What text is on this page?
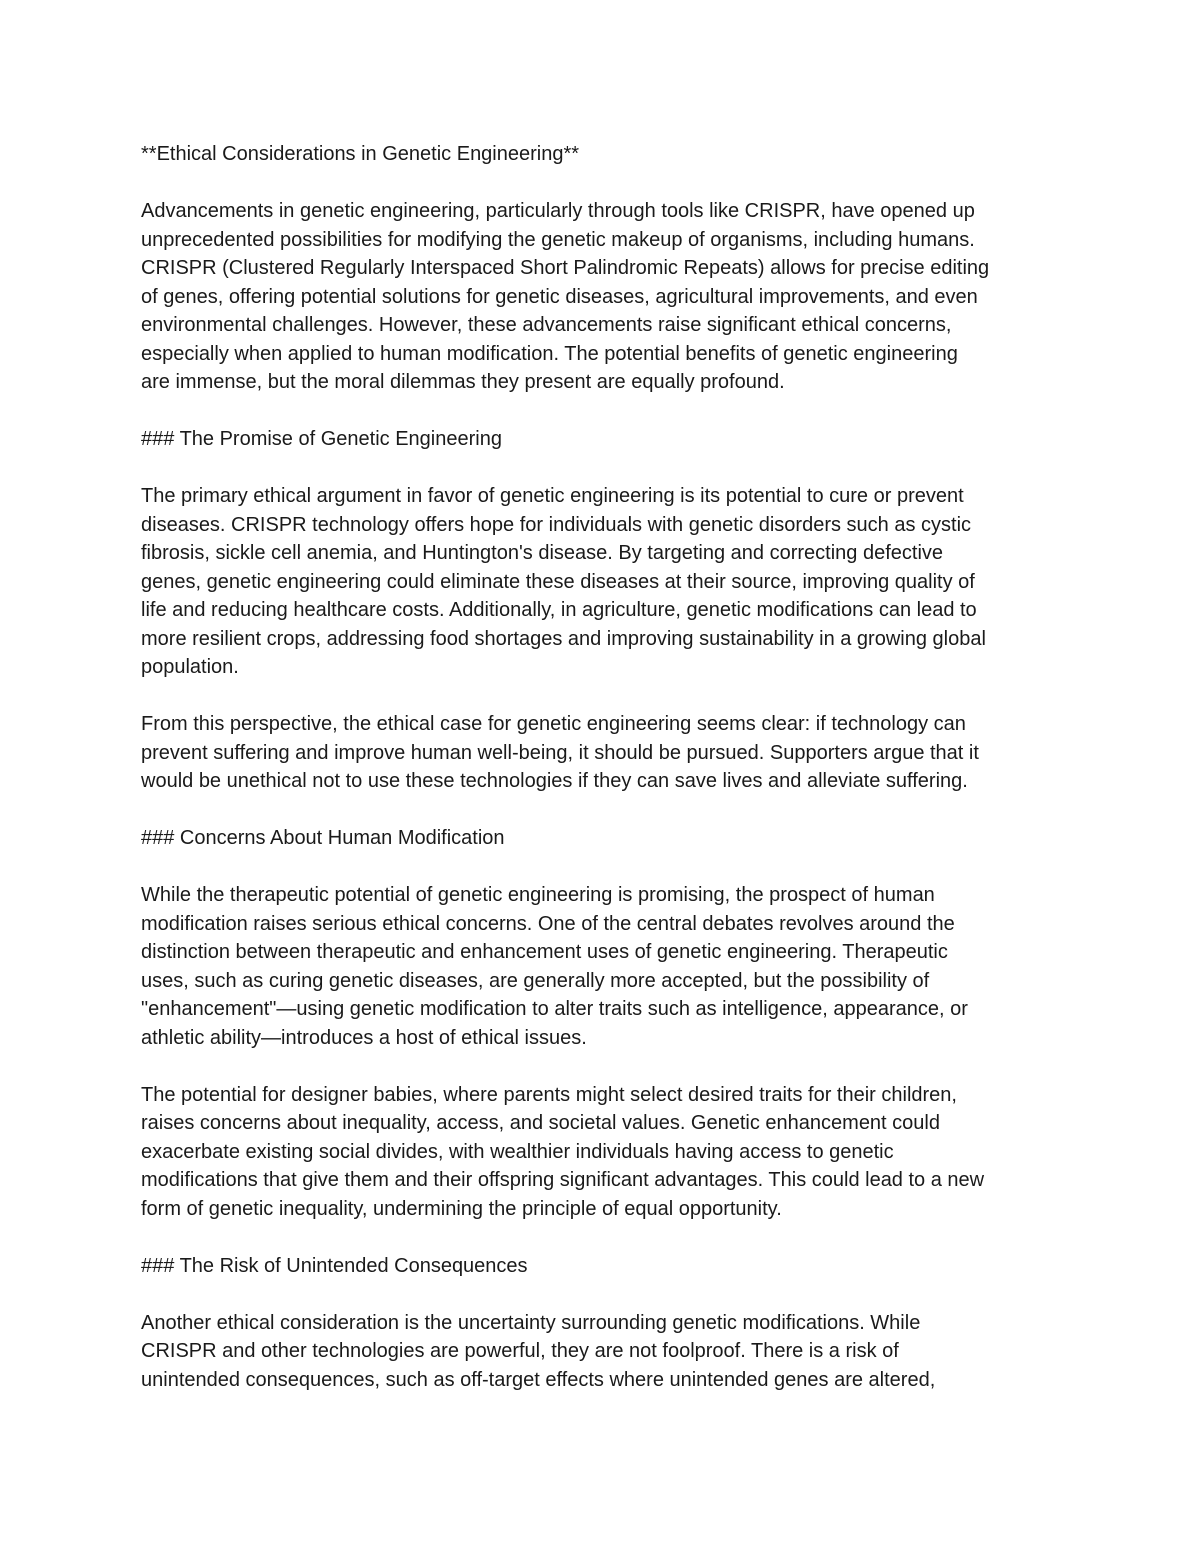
**Ethical Considerations in Genetic Engineering**
Advancements in genetic engineering, particularly through tools like CRISPR, have opened up
unprecedented possibilities for modifying the genetic makeup of organisms, including humans.
CRISPR (Clustered Regularly Interspaced Short Palindromic Repeats) allows for precise editing
of genes, offering potential solutions for genetic diseases, agricultural improvements, and even
environmental challenges. However, these advancements raise significant ethical concerns,
especially when applied to human modification. The potential benefits of genetic engineering
are immense, but the moral dilemmas they present are equally profound.
### The Promise of Genetic Engineering
The primary ethical argument in favor of genetic engineering is its potential to cure or prevent
diseases. CRISPR technology offers hope for individuals with genetic disorders such as cystic
fibrosis, sickle cell anemia, and Huntington's disease. By targeting and correcting defective
genes, genetic engineering could eliminate these diseases at their source, improving quality of
life and reducing healthcare costs. Additionally, in agriculture, genetic modifications can lead to
more resilient crops, addressing food shortages and improving sustainability in a growing global
population.
From this perspective, the ethical case for genetic engineering seems clear: if technology can
prevent suffering and improve human well-being, it should be pursued. Supporters argue that it
would be unethical not to use these technologies if they can save lives and alleviate suffering.
### Concerns About Human Modification
While the therapeutic potential of genetic engineering is promising, the prospect of human
modification raises serious ethical concerns. One of the central debates revolves around the
distinction between therapeutic and enhancement uses of genetic engineering. Therapeutic
uses, such as curing genetic diseases, are generally more accepted, but the possibility of
"enhancement"—using genetic modification to alter traits such as intelligence, appearance, or
athletic ability—introduces a host of ethical issues.
The potential for designer babies, where parents might select desired traits for their children,
raises concerns about inequality, access, and societal values. Genetic enhancement could
exacerbate existing social divides, with wealthier individuals having access to genetic
modifications that give them and their offspring significant advantages. This could lead to a new
form of genetic inequality, undermining the principle of equal opportunity.
### The Risk of Unintended Consequences
Another ethical consideration is the uncertainty surrounding genetic modifications. While
CRISPR and other technologies are powerful, they are not foolproof. There is a risk of
unintended consequences, such as off-target effects where unintended genes are altered,
